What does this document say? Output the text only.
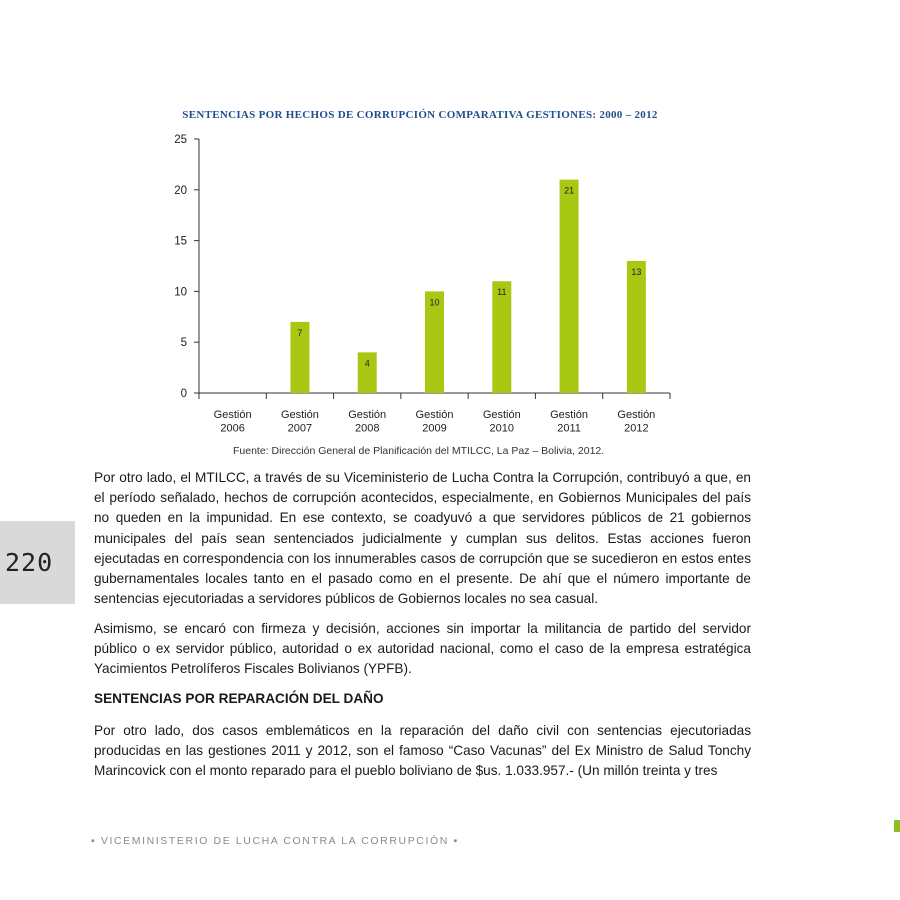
SENTENCIAS POR HECHOS DE CORRUPCIÓN COMPARATIVA GESTIONES: 2000 – 2012
0
5
10
15
20
25
Gestión
2006
7
Gestión
2007
4
Gestión
2008
10
Gestión
2009
11
Gestión
2010
21
Gestión
2011
13
Gestión
2012
Fuente: Dirección General de Planificación del MTILCC, La Paz – Bolivia, 2012.
220

Por otro lado, el MTILCC, a través de su Viceministerio de Lucha Contra la Corrupción, contribuyó a que, en el período señalado, hechos de corrupción acontecidos, especialmente, en Gobiernos Municipales del país no queden en la impunidad. En ese contexto, se coadyuvó a que servidores públicos de 21 gobiernos municipales del país sean sentenciados judicialmente y cumplan sus delitos. Estas acciones fueron ejecutadas en correspondencia con los innumerables casos de corrupción que se sucedieron en estos entes gubernamentales locales tanto en el pasado como en el presente. De ahí que el número importante de sentencias ejecutoriadas a servidores públicos de Gobiernos locales no sea casual.

Asimismo, se encaró con firmeza y decisión, acciones sin importar la militancia de partido del servidor público o ex servidor público, autoridad o ex autoridad nacional, como el caso de la empresa estratégica Yacimientos Petrolíferos Fiscales Bolivianos (YPFB).

SENTENCIAS POR REPARACIÓN DEL DAÑO

Por otro lado, dos casos emblemáticos en la reparación del daño civil con sentencias ejecutoriadas producidas en las gestiones 2011 y 2012, son el famoso “Caso Vacunas” del Ex Ministro de Salud Tonchy Marincovick con el monto reparado para el pueblo boliviano de $us. 1.033.957.- (Un millón treinta y tres

▪ VICEMINISTERIO DE LUCHA CONTRA LA CORRUPCIÓN ▪
